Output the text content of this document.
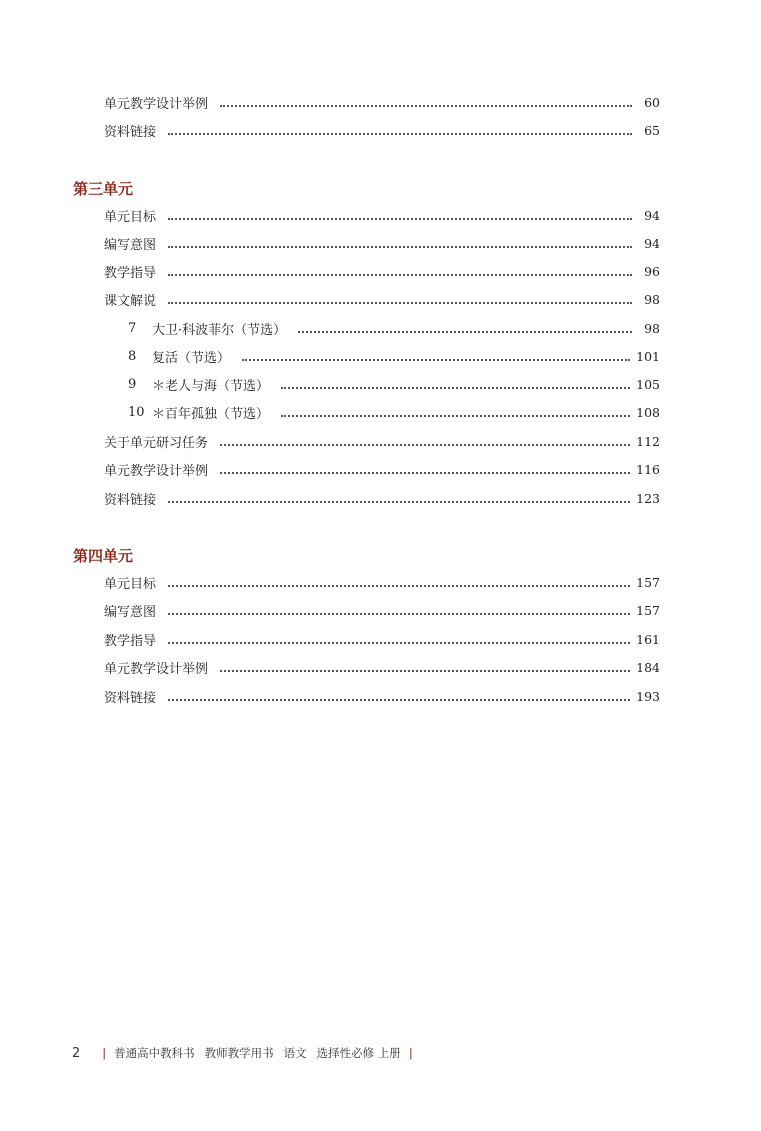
单元教学设计举例	60
资料链接	65
第三单元
单元目标	94
编写意图	94
教学指导	96
课文解说	98
7	大卫·科波菲尔（节选）	98
8	复活（节选）	101
9	＊老人与海（节选）	105
10 ＊百年孤独（节选）	108
关于单元研习任务	112
单元教学设计举例	116
资料链接	123
第四单元
单元目标	157
编写意图	157
教学指导	161
单元教学设计举例	184
资料链接	193
2 | 普通高中教科书 教师教学用书 语文 选择性必修 上册 |
